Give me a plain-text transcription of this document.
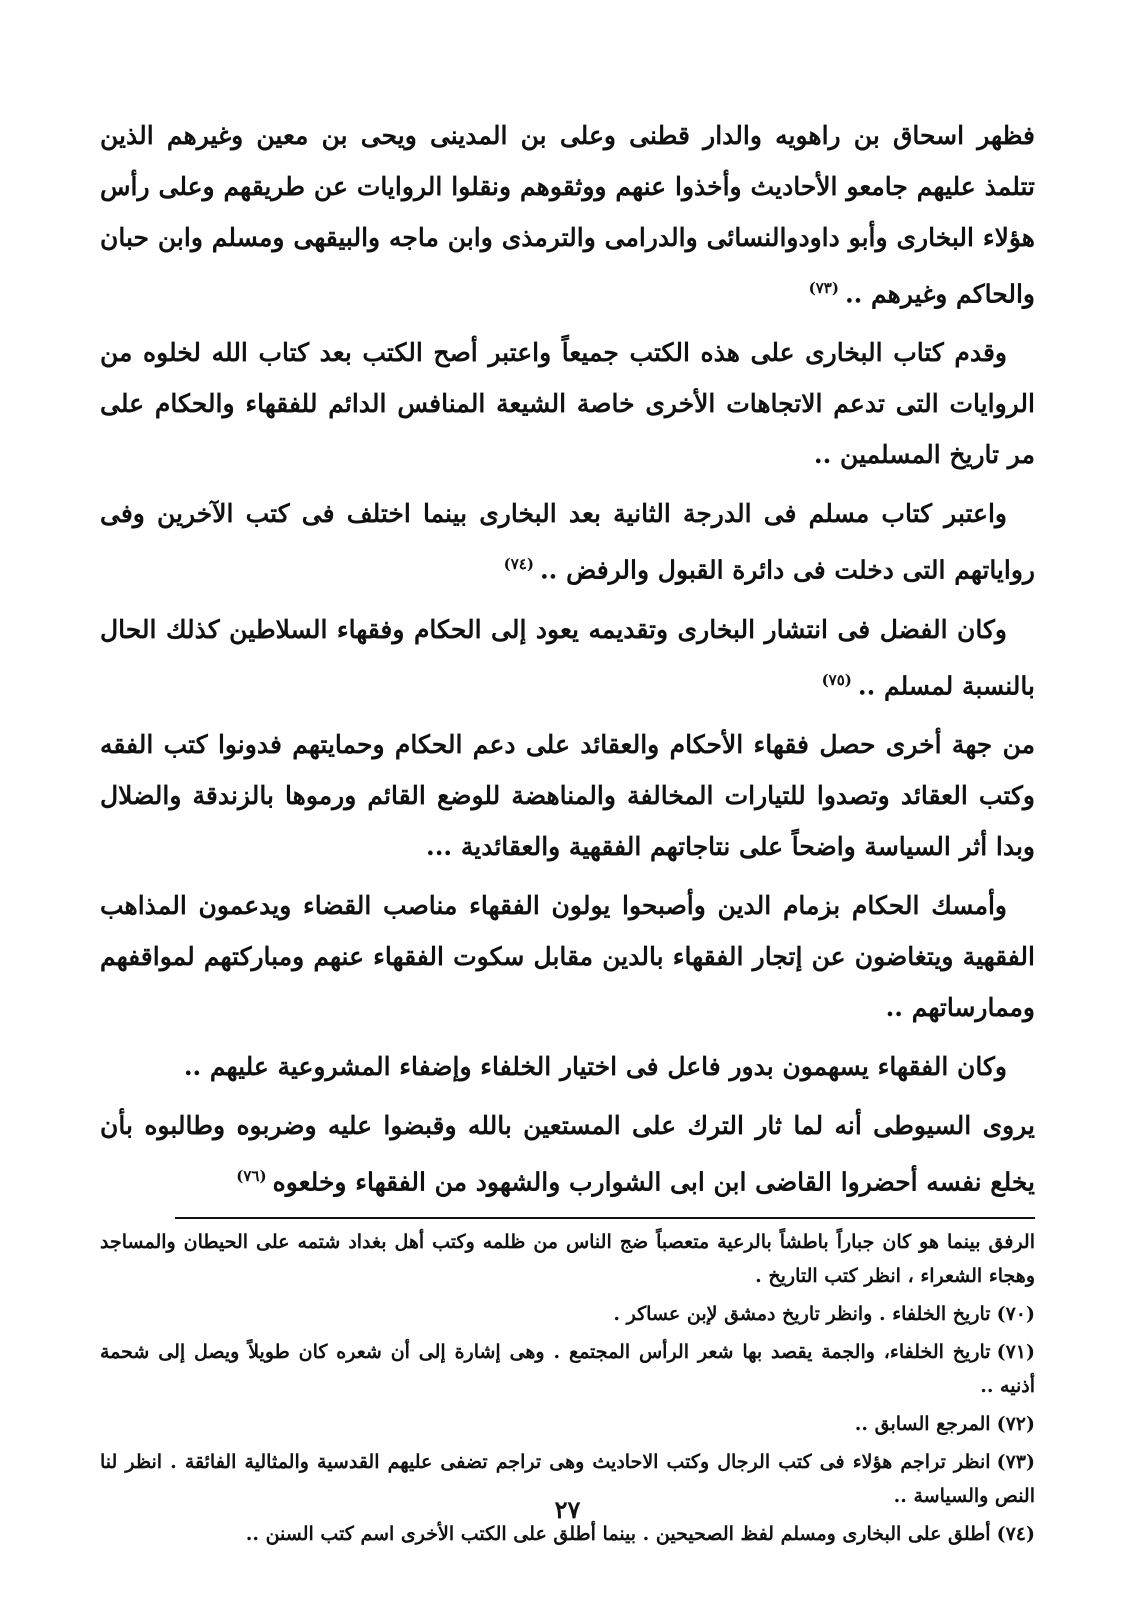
فظهر اسحاق بن راهويه والدار قطنى وعلى بن المدينى ويحى بن معين وغيرهم الذين تتلمذ عليهم جامعو الأحاديث وأخذوا عنهم ووثقوهم ونقلوا الروايات عن طريقهم وعلى رأس هؤلاء البخارى وأبو داودوالنسائى والدرامى والترمذى وابن ماجه والبيقهى ومسلم وابن حبان والحاكم وغيرهم ..$^{(٧٣)}$

وقدم كتاب البخارى على هذه الكتب جميعاً واعتبر أصح الكتب بعد كتاب الله لخلوه من الروايات التى تدعم الاتجاهات الأخرى خاصة الشيعة المنافس الدائم للفقهاء والحكام على مر تاريخ المسلمين ..

واعتبر كتاب مسلم فى الدرجة الثانية بعد البخارى بينما اختلف فى كتب الآخرين وفى رواياتهم التى دخلت فى دائرة القبول والرفض ..$^{(٧٤)}$

وكان الفضل فى انتشار البخارى وتقديمه يعود إلى الحكام وفقهاء السلاطين كذلك الحال بالنسبة لمسلم ..$^{(٧٥)}$

من جهة أخرى حصل فقهاء الأحكام والعقائد على دعم الحكام وحمايتهم فدونوا كتب الفقه وكتب العقائد وتصدوا للتيارات المخالفة والمناهضة للوضع القائم ورموها بالزندقة والضلال وبدا أثر السياسة واضحاً على نتاجاتهم الفقهية والعقائدية ...

وأمسك الحكام بزمام الدين وأصبحوا يولون الفقهاء مناصب القضاء ويدعمون المذاهب الفقهية ويتغاضون عن إتجار الفقهاء بالدين مقابل سكوت الفقهاء عنهم ومباركتهم لمواقفهم وممارساتهم ..

وكان الفقهاء يسهمون بدور فاعل فى اختيار الخلفاء وإضفاء المشروعية عليهم ..

يروى السيوطى أنه لما ثار الترك على المستعين بالله وقبضوا عليه وضربوه وطالبوه بأن يخلع نفسه أحضروا القاضى ابن ابى الشوارب والشهود من الفقهاء وخلعوه$^{(٧٦)}$

الرفق بينما هو كان جباراً باطشاً بالرعية متعصباً ضج الناس من ظلمه وكتب أهل بغداد شتمه على الحيطان والمساجد وهجاء الشعراء ، انظر كتب التاريخ .

(٧٠)تاريخ الخلفاء . وانظر تاريخ دمشق لإبن عساكر .

(٧١)تاريخ الخلفاء، والجمة يقصد بها شعر الرأس المجتمع . وهى إشارة إلى أن شعره كان طويلاً ويصل إلى شحمة أذنيه ..

(٧٢)المرجع السابق ..

(٧٣)انظر تراجم هؤلاء فى كتب الرجال وكتب الاحاديث وهى تراجم تضفى عليهم القدسية والمثالية الفائقة . انظر لنا النص والسياسة ..

(٧٤)أطلق على البخارى ومسلم لفظ الصحيحين . بينما أطلق على الكتب الأخرى اسم كتب السنن ..

٢٧
